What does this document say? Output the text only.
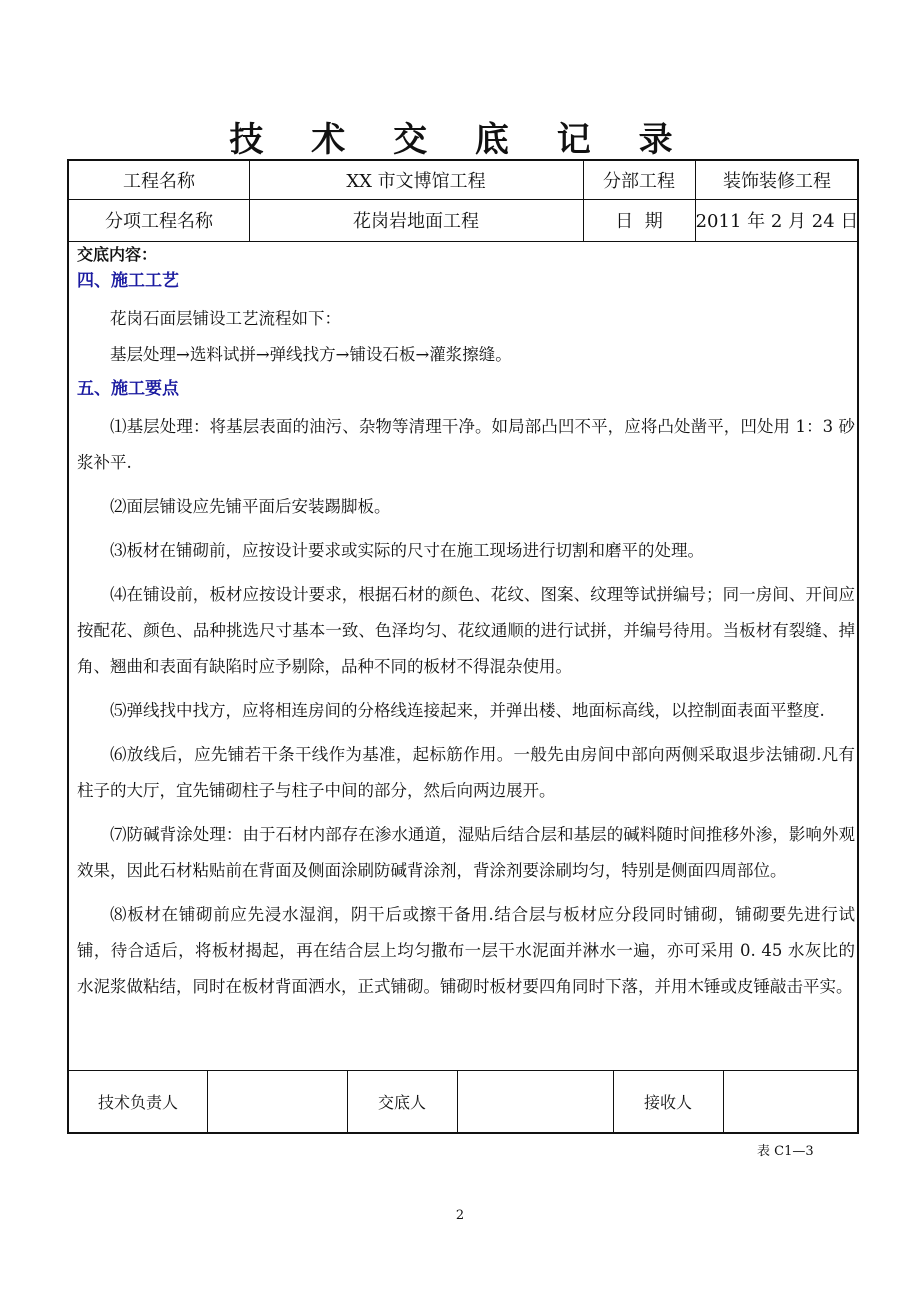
技 术 交 底 记 录
工程名称	XX 市文博馆工程	分部工程	装饰装修工程
分项工程名称	花岗岩地面工程	日  期	2011 年 2 月 24 日
交底内容：
四、施工工艺

花岗石面层铺设工艺流程如下：

基层处理→选料试拼→弹线找方→铺设石板→灌浆擦缝。

五、施工要点

⑴基层处理：将基层表面的油污、杂物等清理干净。如局部凸凹不平，应将凸处凿平，凹处用 1：3 砂浆补平.

⑵面层铺设应先铺平面后安装踢脚板。

⑶板材在铺砌前，应按设计要求或实际的尺寸在施工现场进行切割和磨平的处理。

⑷在铺设前，板材应按设计要求，根据石材的颜色、花纹、图案、纹理等试拼编号；同一房间、开间应按配花、颜色、品种挑选尺寸基本一致、色泽均匀、花纹通顺的进行试拼，并编号待用。当板材有裂缝、掉角、翘曲和表面有缺陷时应予剔除，品种不同的板材不得混杂使用。

⑸弹线找中找方，应将相连房间的分格线连接起来，并弹出楼、地面标高线，以控制面表面平整度.

⑹放线后，应先铺若干条干线作为基准，起标筋作用。一般先由房间中部向两侧采取退步法铺砌.凡有柱子的大厅，宜先铺砌柱子与柱子中间的部分，然后向两边展开。

⑺防碱背涂处理：由于石材内部存在渗水通道，湿贴后结合层和基层的碱料随时间推移外渗，影响外观效果，因此石材粘贴前在背面及侧面涂刷防碱背涂剂，背涂剂要涂刷均匀，特别是侧面四周部位。

⑻板材在铺砌前应先浸水湿润，阴干后或擦干备用.结合层与板材应分段同时铺砌，铺砌要先进行试铺，待合适后，将板材揭起，再在结合层上均匀撒布一层干水泥面并淋水一遍，亦可采用 0. 45 水灰比的水泥浆做粘结，同时在板材背面洒水，正式铺砌。铺砌时板材要四角同时下落，并用木锤或皮锤敲击平实。

技术负责人	交底人	接收人
表 C1—3
2
